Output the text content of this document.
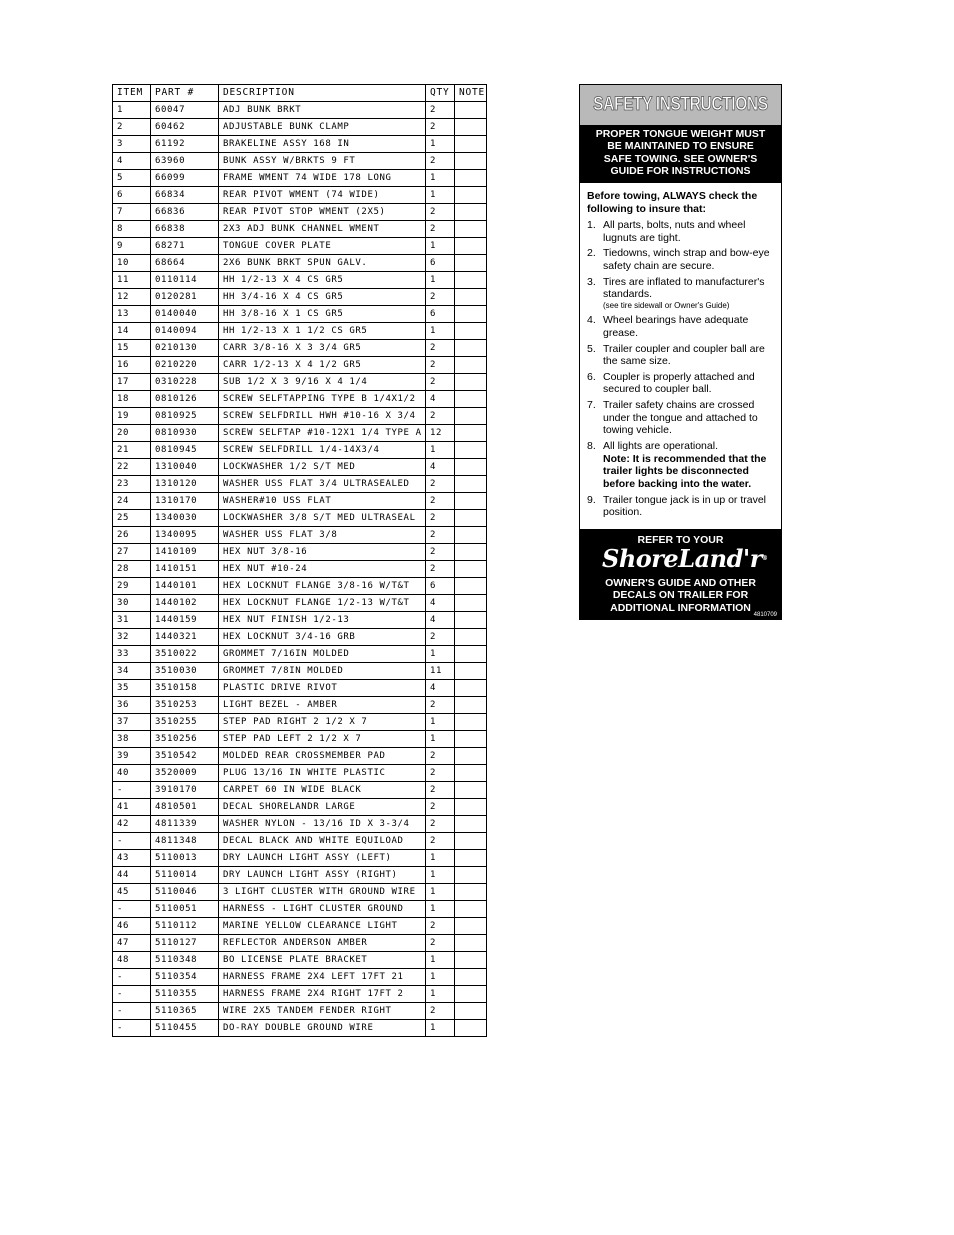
ITEM	PART #	DESCRIPTION	QTY	NOTE
1	60047	ADJ BUNK BRKT	2	
2	60462	ADJUSTABLE BUNK CLAMP	2	
3	61192	BRAKELINE ASSY 168 IN	1	
4	63960	BUNK ASSY W/BRKTS 9 FT	2	
5	66099	FRAME WMENT 74 WIDE 178 LONG	1	
6	66834	REAR PIVOT WMENT (74 WIDE)	1	
7	66836	REAR PIVOT STOP WMENT (2X5)	2	
8	66838	2X3 ADJ BUNK CHANNEL WMENT	2	
9	68271	TONGUE COVER PLATE	1	
10	68664	2X6 BUNK BRKT SPUN GALV.	6	
11	0110114	HH 1/2-13 X 4 CS GR5	1	
12	0120281	HH 3/4-16 X 4 CS GR5	2	
13	0140040	HH 3/8-16 X 1 CS GR5	6	
14	0140094	HH 1/2-13 X 1 1/2 CS GR5	1	
15	0210130	CARR 3/8-16 X 3 3/4 GR5	2	
16	0210220	CARR 1/2-13 X 4 1/2 GR5	2	
17	0310228	SUB 1/2 X 3 9/16 X 4 1/4	2	
18	0810126	SCREW SELFTAPPING TYPE B 1/4X1/2	4	
19	0810925	SCREW SELFDRILL HWH #10-16 X 3/4	2	
20	0810930	SCREW SELFTAP #10-12X1 1/4 TYPE A	12	
21	0810945	SCREW SELFDRILL 1/4-14X3/4	1	
22	1310040	LOCKWASHER 1/2 S/T MED	4	
23	1310120	WASHER USS FLAT 3/4 ULTRASEALED	2	
24	1310170	WASHER#10 USS FLAT	2	
25	1340030	LOCKWASHER 3/8 S/T MED ULTRASEAL	2	
26	1340095	WASHER USS FLAT 3/8	2	
27	1410109	HEX NUT 3/8-16	2	
28	1410151	HEX NUT #10-24	2	
29	1440101	HEX LOCKNUT FLANGE 3/8-16 W/T&T	6	
30	1440102	HEX LOCKNUT FLANGE 1/2-13 W/T&T	4	
31	1440159	HEX NUT FINISH 1/2-13	4	
32	1440321	HEX LOCKNUT 3/4-16 GRB	2	
33	3510022	GROMMET 7/16IN MOLDED	1	
34	3510030	GROMMET 7/8IN MOLDED	11	
35	3510158	PLASTIC DRIVE RIVOT	4	
36	3510253	LIGHT BEZEL - AMBER	2	
37	3510255	STEP PAD RIGHT 2 1/2 X 7	1	
38	3510256	STEP PAD LEFT 2 1/2 X 7	1	
39	3510542	MOLDED REAR CROSSMEMBER PAD	2	
40	3520009	PLUG 13/16 IN WHITE PLASTIC	2	
-	3910170	CARPET 60 IN WIDE BLACK	2	
41	4810501	DECAL SHORELANDR LARGE	2	
42	4811339	WASHER NYLON - 13/16 ID X 3-3/4	2	
-	4811348	DECAL BLACK AND WHITE EQUILOAD	2	
43	5110013	DRY LAUNCH LIGHT ASSY (LEFT)	1	
44	5110014	DRY LAUNCH LIGHT ASSY (RIGHT)	1	
45	5110046	3 LIGHT CLUSTER WITH GROUND WIRE	1	
-	5110051	HARNESS - LIGHT CLUSTER GROUND	1	
46	5110112	MARINE YELLOW CLEARANCE LIGHT	2	
47	5110127	REFLECTOR ANDERSON AMBER	2	
48	5110348	BO LICENSE PLATE BRACKET	1	
-	5110354	HARNESS FRAME 2X4 LEFT 17FT 21	1	
-	5110355	HARNESS FRAME 2X4 RIGHT 17FT 2	1	
-	5110365	WIRE 2X5 TANDEM FENDER RIGHT	2	
-	5110455	DO-RAY DOUBLE GROUND WIRE	1	
SAFETY INSTRUCTIONS
PROPER TONGUE WEIGHT MUST
BE MAINTAINED TO ENSURE
SAFE TOWING. SEE OWNER'S
GUIDE FOR INSTRUCTIONS
Before towing, ALWAYS check the following to insure that:
1. All parts, bolts, nuts and wheel lugnuts are tight.
2. Tiedowns, winch strap and bow-eye safety chain are secure.
3. Tires are inflated to manufacturer's standards.
(see tire sidewall or Owner's Guide)
4. Wheel bearings have adequate grease.
5. Trailer coupler and coupler ball are the same size.
6. Coupler is properly attached and secured to coupler ball.
7. Trailer safety chains are crossed under the tongue and attached to towing vehicle.
8. All lights are operational.
Note: It is recommended that the trailer lights be disconnected before backing into the water.
9. Trailer tongue jack is in up or travel position.
REFER TO YOUR
ShoreLand'r®
OWNER'S GUIDE AND OTHER
DECALS ON TRAILER FOR
ADDITIONAL INFORMATION
4810709
